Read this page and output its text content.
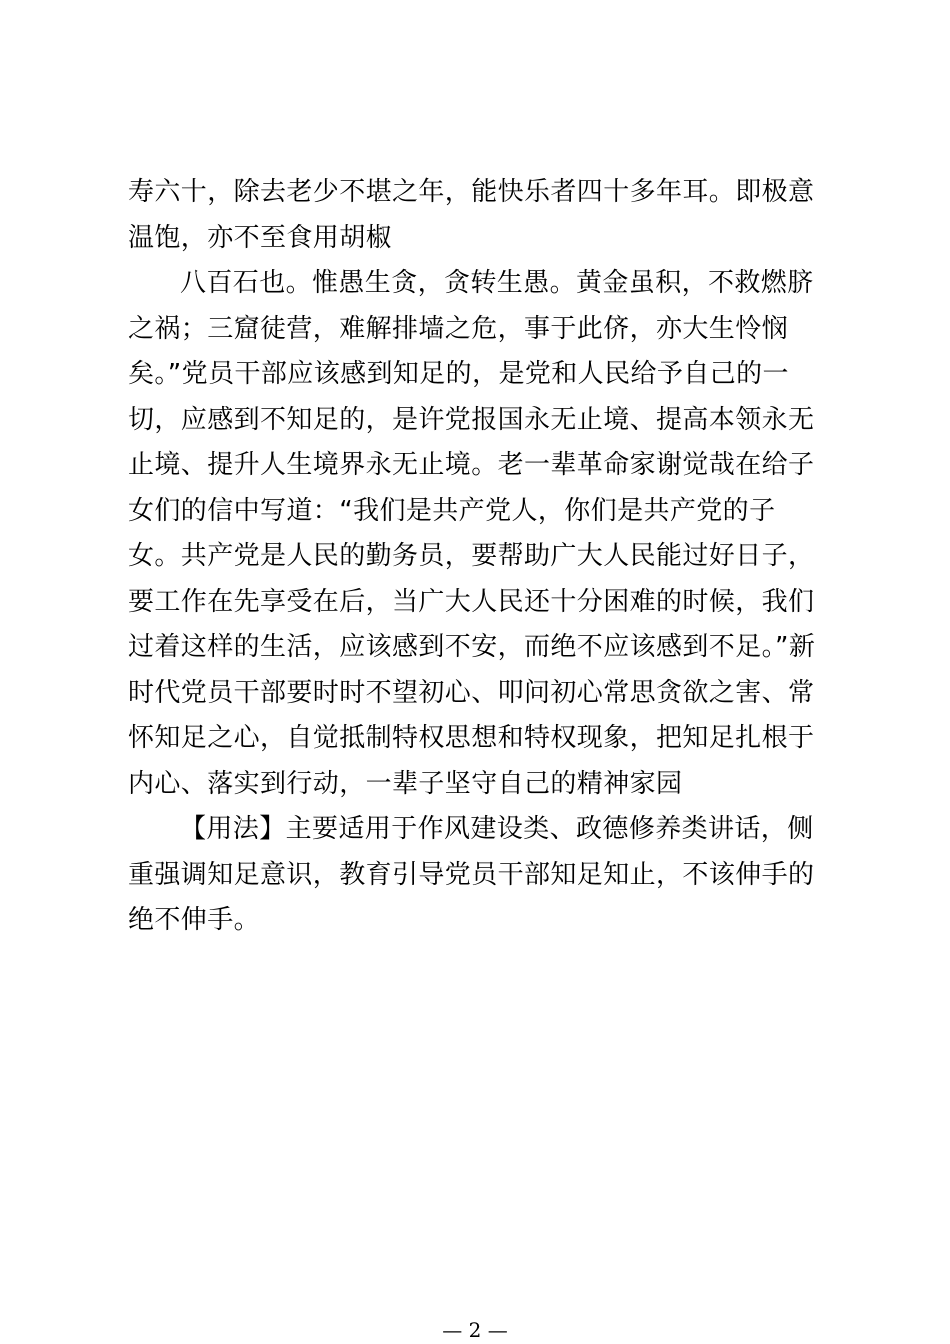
寿六十，除去老少不堪之年，能快乐者四十多年耳。即极意温饱，亦不至食用胡椒

八百石也。惟愚生贪，贪转生愚。黄金虽积，不救燃脐之祸；三窟徒营，难解排墙之危，事于此侪，亦大生怜悯矣。”党员干部应该感到知足的，是党和人民给予自己的一切，应感到不知足的，是许党报国永无止境、提高本领永无止境、提升人生境界永无止境。老一辈革命家谢觉哉在给子女们的信中写道：“我们是共产党人，你们是共产党的子女。共产党是人民的勤务员，要帮助广大人民能过好日子，要工作在先享受在后，当广大人民还十分困难的时候，我们过着这样的生活，应该感到不安，而绝不应该感到不足。”新时代党员干部要时时不望初心、叩问初心常思贪欲之害、常怀知足之心，自觉抵制特权思想和特权现象，把知足扎根于内心、落实到行动，一辈子坚守自己的精神家园

【用法】主要适用于作风建设类、政德修养类讲话，侧重强调知足意识，教育引导党员干部知足知止，不该伸手的绝不伸手。

— 2 —
